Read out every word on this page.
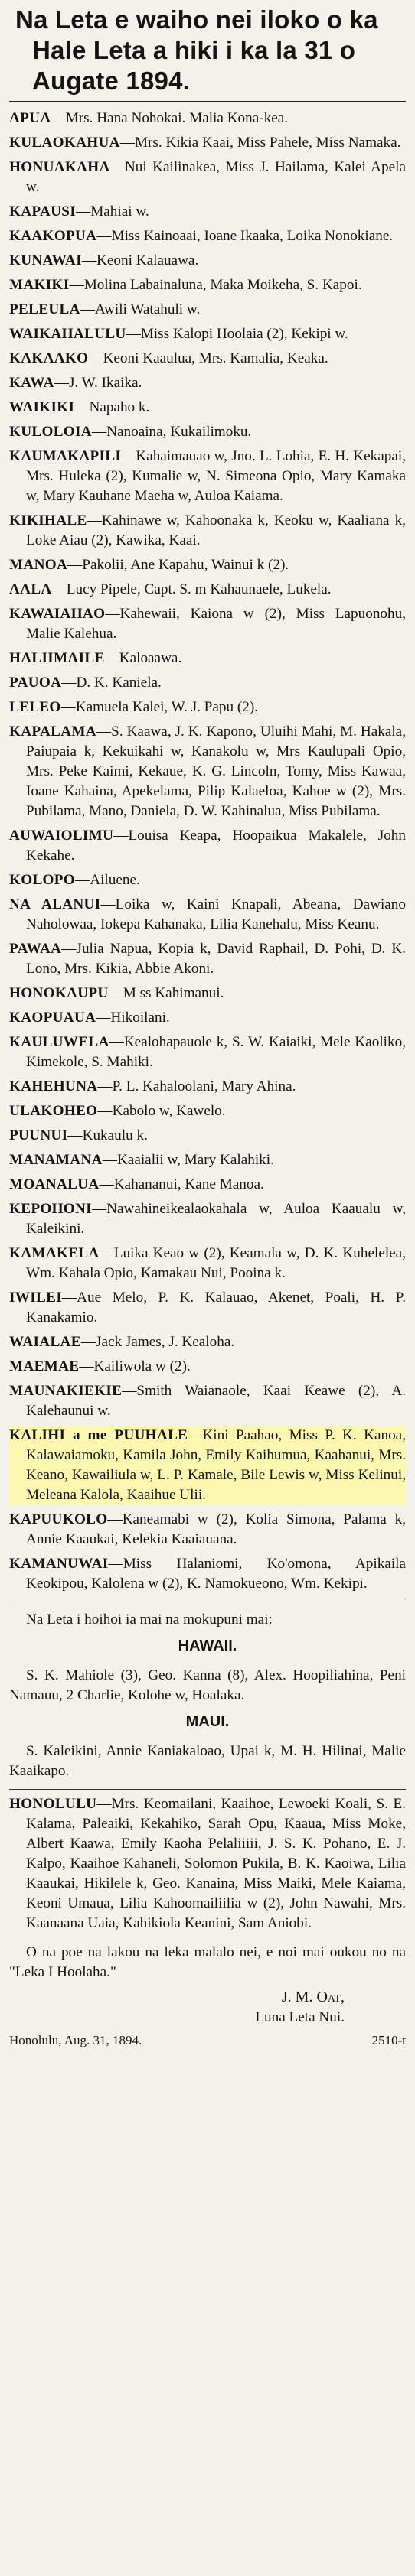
Na Leta e waiho nei iloko o ka
Hale Leta a hiki i ka la 31 o Augate 1894.

APUA—Mrs. Hana Nohokai. Malia Kona-kea.

KULAOKAHUA—Mrs. Kikia Kaai, Miss Pahele, Miss Namaka.

HONUAKAHA—Nui Kailinakea, Miss J. Hailama, Kalei Apela w.

KAPAUSI—Mahiai w.

KAAKOPUA—Miss Kainoaai, Ioane Ikaaka, Loika Nonokiane.

KUNAWAI—Keoni Kalauawa.

MAKIKI—Molina Labainaluna, Maka Moikeha, S. Kapoi.

PELEULA—Awili Watahuli w.

WAIKAHALULU—Miss Kalopi Hoolaia (2), Kekipi w.

KAKAAKO—Keoni Kaaulua, Mrs. Kamalia, Keaka.

KAWA—J. W. Ikaika.

WAIKIKI—Napaho k.

KULOLOIA—Nanoaina, Kukailimoku.

KAUMAKAPILI—Kahaimauao w, Jno. L. Lohia, E. H. Kekapai, Mrs. Huleka (2), Kumalie w, N. Simeona Opio, Mary Kamaka w, Mary Kauhane Maeha w, Auloa Kaiama.

KIKIHALE—Kahinawe w, Kahoonaka k, Keoku w, Kaaliana k, Loke Aiau (2), Kawika, Kaai.

MANOA—Pakolii, Ane Kapahu, Wainui k (2).

AALA—Lucy Pipele, Capt. S. m Kahaunaele, Lukela.

KAWAIAHAO—Kahewaii, Kaiona w (2), Miss Lapuonohu, Malie Kalehua.

HALIIMAILE—Kaloaawa.

PAUOA—D. K. Kaniela.

LELEO—Kamuela Kalei, W. J. Papu (2).

KAPALAMA—S. Kaawa, J. K. Kapono, Uluihi Mahi, M. Hakala, Paiupaia k, Kekuikahi w, Kanakolu w, Mrs Kaulupali Opio, Mrs. Peke Kaimi, Kekaue, K. G. Lincoln, Tomy, Miss Kawaa, Ioane Kahaina, Apekelama, Pilip Kalaeloa, Kahoe w (2), Mrs. Pubilama, Mano, Daniela, D. W. Kahinalua, Miss Pubilama.

AUWAIOLIMU—Louisa Keapa, Hoopaikua Makalele, John Kekahe.

KOLOPO—Ailuene.

NA ALANUI—Loika w, Kaini Knapali, Abeana, Dawiano Naholowaa, Iokepa Kahanaka, Lilia Kanehalu, Miss Keanu.

PAWAA—Julia Napua, Kopia k, David Raphail, D. Pohi, D. K. Lono, Mrs. Kikia, Abbie Akoni.

HONOKAUPU—M ss Kahimanui.

KAOPUAUA—Hikoilani.

KAULUWELA—Kealohapauole k, S. W. Kaiaiki, Mele Kaoliko, Kimekole, S. Mahiki.

KAHEHUNA—P. L. Kahaloolani, Mary Ahina.

ULAKOHEO—Kabolo w, Kawelo.

PUUNUI—Kukaulu k.

MANAMANA—Kaaialii w, Mary Kalahiki.

MOANALUA—Kahananui, Kane Manoa.

KEPOHONI—Nawahineikealaokahala w, Auloa Kaaualu w, Kaleikini.

KAMAKELA—Luika Keao w (2), Keamala w, D. K. Kuhelelea, Wm. Kahala Opio, Kamakau Nui, Pooina k.

IWILEI—Aue Melo, P. K. Kalauao, Akenet, Poali, H. P. Kanakamio.

WAIALAE—Jack James, J. Kealoha.

MAEMAE—Kailiwola w (2).

MAUNAKIEKIE—Smith Waianaole, Kaai Keawe (2), A. Kalehaunui w.

KALIHI a me PUUHALE—Kini Paahao, Miss P. K. Kanoa, Kalawaiamoku, Kamila John, Emily Kaihumua, Kaahanui, Mrs. Keano, Kawailiula w, L. P. Kamale, Bile Lewis w, Miss Kelinui, Meleana Kalola, Kaaihue Ulii.

KAPUUKOLO—Kaneamabi w (2), Kolia Simona, Palama k, Annie Kaaukai, Kelekia Kaaiauana.

KAMANUWAI—Miss Halaniomi, Ko'omona, Apikaila Keokipou, Kalolena w (2), K. Namokueono, Wm. Kekipi.

Na Leta i hoihoi ia mai na mokupuni mai:

HAWAII.

S. K. Mahiole (3), Geo. Kanna (8), Alex. Hoopiliahina, Peni Namauu, 2 Charlie, Kolohe w, Hoalaka.

MAUI.

S. Kaleikini, Annie Kaniakaloao, Upai k, M. H. Hilinai, Malie Kaaikapo.

HONOLULU—Mrs. Keomailani, Kaaihoe, Lewoeki Koali, S. E. Kalama, Paleaiki, Kekahiko, Sarah Opu, Kaaua, Miss Moke, Albert Kaawa, Emily Kaoha Pelaliiiii, J. S. K. Pohano, E. J. Kalpo, Kaaihoe Kahaneli, Solomon Pukila, B. K. Kaoiwa, Lilia Kaaukai, Hikilele k, Geo. Kanaina, Miss Maiki, Mele Kaiama, Keoni Umaua, Lilia Kahoomailiilia w (2), John Nawahi, Mrs. Kaanaana Uaia, Kahikiola Keanini, Sam Aniobi.

O na poe na lakou na leka malalo nei, e noi mai oukou no na "Leka I Hoolaha."

J. M. Oat,

Luna Leta Nui.
Honolulu, Aug. 31, 1894.	2510-t
